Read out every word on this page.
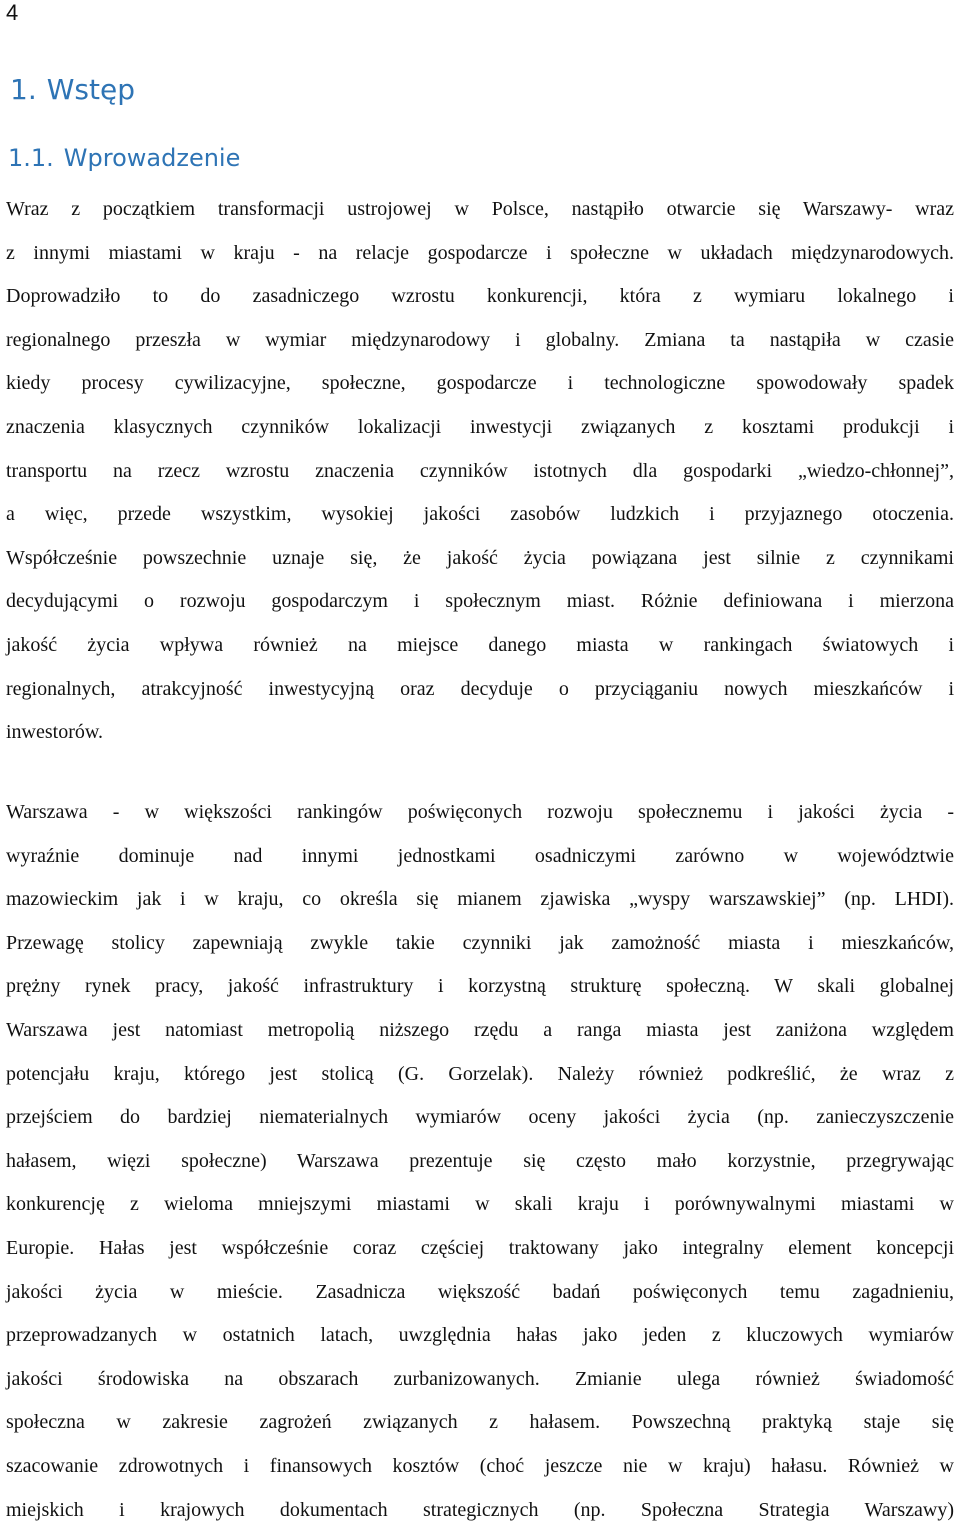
4
1. Wstęp
1.1. Wprowadzenie
Wraz z początkiem transformacji ustrojowej w Polsce, nastąpiło otwarcie się Warszawy- wraz
z innymi miastami w kraju - na relacje gospodarcze i społeczne w układach międzynarodowych.
Doprowadziło to do zasadniczego wzrostu konkurencji, która z wymiaru lokalnego i
regionalnego przeszła w wymiar międzynarodowy i globalny. Zmiana ta nastąpiła w czasie
kiedy procesy cywilizacyjne, społeczne, gospodarcze i technologiczne spowodowały spadek
znaczenia klasycznych czynników lokalizacji inwestycji związanych z kosztami produkcji i
transportu na rzecz wzrostu znaczenia czynników istotnych dla gospodarki „wiedzo-chłonnej”,
a więc, przede wszystkim, wysokiej jakości zasobów ludzkich i przyjaznego otoczenia.
Współcześnie powszechnie uznaje się, że jakość życia powiązana jest silnie z czynnikami
decydującymi o rozwoju gospodarczym i społecznym miast. Różnie definiowana i mierzona
jakość życia wpływa również na miejsce danego miasta w rankingach światowych i
regionalnych, atrakcyjność inwestycyjną oraz decyduje o przyciąganiu nowych mieszkańców i
inwestorów.
Warszawa - w większości rankingów poświęconych rozwoju społecznemu i jakości życia -
wyraźnie dominuje nad innymi jednostkami osadniczymi zarówno w województwie
mazowieckim jak i w kraju, co określa się mianem zjawiska „wyspy warszawskiej” (np. LHDI).
Przewagę stolicy zapewniają zwykle takie czynniki jak zamożność miasta i mieszkańców,
prężny rynek pracy, jakość infrastruktury i korzystną strukturę społeczną. W skali globalnej
Warszawa jest natomiast metropolią niższego rzędu a ranga miasta jest zaniżona względem
potencjału kraju, którego jest stolicą (G. Gorzelak). Należy również podkreślić, że wraz z
przejściem do bardziej niematerialnych wymiarów oceny jakości życia (np. zanieczyszczenie
hałasem, więzi społeczne) Warszawa prezentuje się często mało korzystnie, przegrywając
konkurencję z wieloma mniejszymi miastami w skali kraju i porównywalnymi miastami w
Europie. Hałas jest współcześnie coraz częściej traktowany jako integralny element koncepcji
jakości życia w mieście. Zasadnicza większość badań poświęconych temu zagadnieniu,
przeprowadzanych w ostatnich latach, uwzględnia hałas jako jeden z kluczowych wymiarów
jakości środowiska na obszarach zurbanizowanych. Zmianie ulega również świadomość
społeczna w zakresie zagrożeń związanych z hałasem. Powszechną praktyką staje się
szacowanie zdrowotnych i finansowych kosztów (choć jeszcze nie w kraju) hałasu. Również w
miejskich i krajowych dokumentach strategicznych (np. Społeczna Strategia Warszawy)
